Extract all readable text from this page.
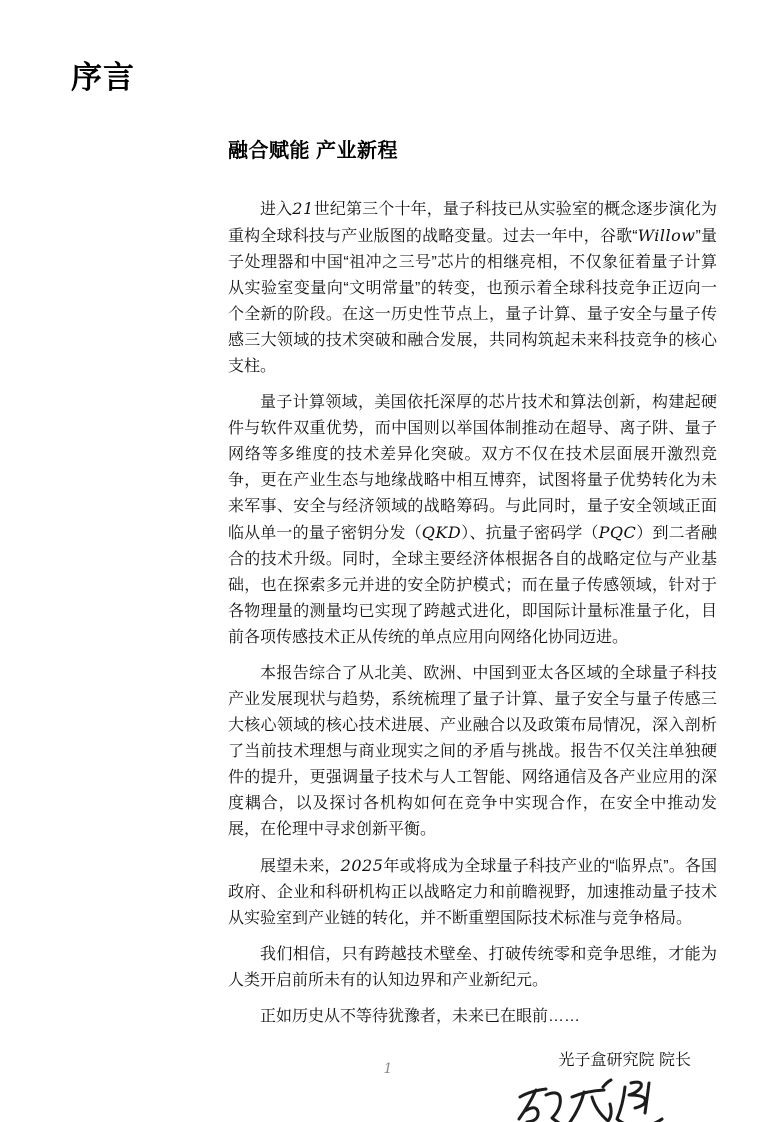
序言
融合赋能 产业新程

进入21世纪第三个十年，量子科技已从实验室的概念逐步演化为重构全球科技与产业版图的战略变量。过去一年中，谷歌“Willow”量子处理器和中国“祖冲之三号”芯片的相继亮相，不仅象征着量子计算从实验室变量向“文明常量”的转变，也预示着全球科技竞争正迈向一个全新的阶段。在这一历史性节点上，量子计算、量子安全与量子传感三大领域的技术突破和融合发展，共同构筑起未来科技竞争的核心支柱。

量子计算领域，美国依托深厚的芯片技术和算法创新，构建起硬件与软件双重优势，而中国则以举国体制推动在超导、离子阱、量子网络等多维度的技术差异化突破。双方不仅在技术层面展开激烈竞争，更在产业生态与地缘战略中相互博弈，试图将量子优势转化为未来军事、安全与经济领域的战略筹码。与此同时，量子安全领域正面临从单一的量子密钥分发（QKD）、抗量子密码学（PQC）到二者融合的技术升级。同时，全球主要经济体根据各自的战略定位与产业基础，也在探索多元并进的安全防护模式；而在量子传感领域，针对于各物理量的测量均已实现了跨越式进化，即国际计量标准量子化，目前各项传感技术正从传统的单点应用向网络化协同迈进。

本报告综合了从北美、欧洲、中国到亚太各区域的全球量子科技产业发展现状与趋势，系统梳理了量子计算、量子安全与量子传感三大核心领域的核心技术进展、产业融合以及政策布局情况，深入剖析了当前技术理想与商业现实之间的矛盾与挑战。报告不仅关注单独硬件的提升，更强调量子技术与人工智能、网络通信及各产业应用的深度耦合，以及探讨各机构如何在竞争中实现合作，在安全中推动发展，在伦理中寻求创新平衡。

展望未来，2025年或将成为全球量子科技产业的“临界点”。各国政府、企业和科研机构正以战略定力和前瞻视野，加速推动量子技术从实验室到产业链的转化，并不断重塑国际技术标准与竞争格局。

我们相信，只有跨越技术壁垒、打破传统零和竞争思维，才能为人类开启前所未有的认知边界和产业新纪元。

正如历史从不等待犹豫者，未来已在眼前……

光子盒研究院 院长
1
